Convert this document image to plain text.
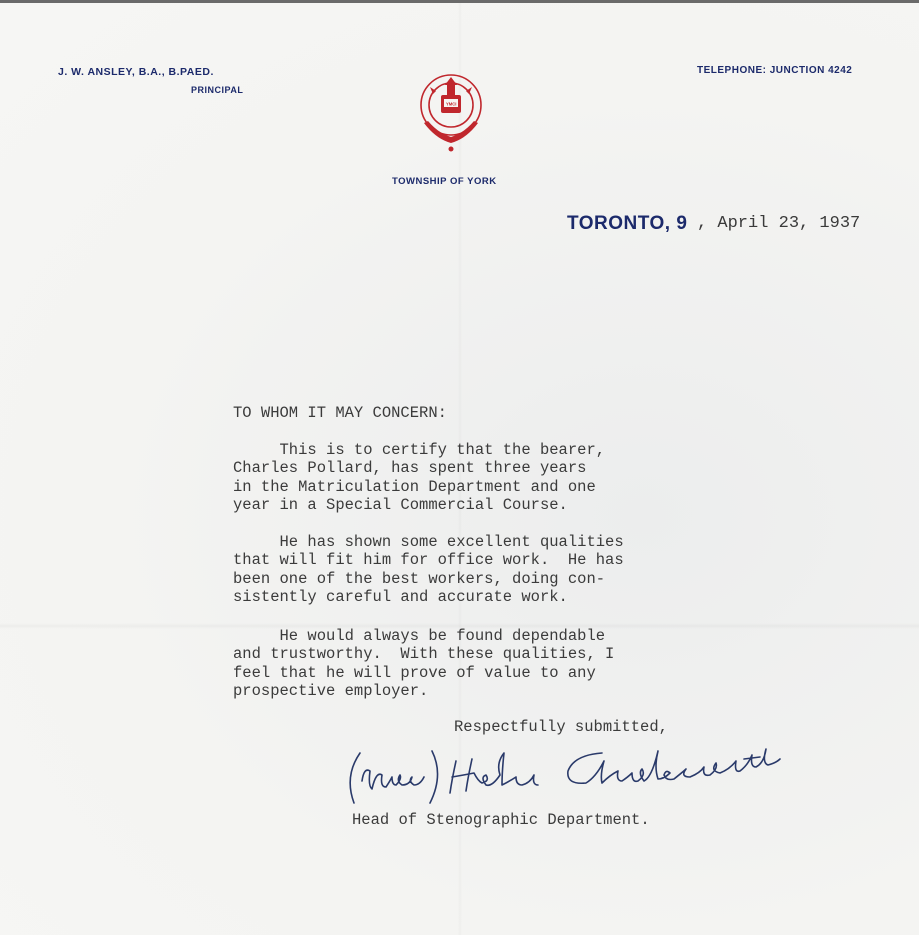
J. W. ANSLEY, B.A., B.PAED.
PRINCIPAL
TELEPHONE: JUNCTION 4242
YMCI
TOWNSHIP OF YORK
TORONTO, 9 , April 23, 1937
TO WHOM IT MAY CONCERN:
This is to certify that the bearer,
Charles Pollard, has spent three years
in the Matriculation Department and one
year in a Special Commercial Course.
He has shown some excellent qualities
that will fit him for office work.  He has
been one of the best workers, doing con-
sistently careful and accurate work.
He would always be found dependable
and trustworthy.  With these qualities, I
feel that he will prove of value to any
prospective employer.
Respectfully submitted,
Head of Stenographic Department.
